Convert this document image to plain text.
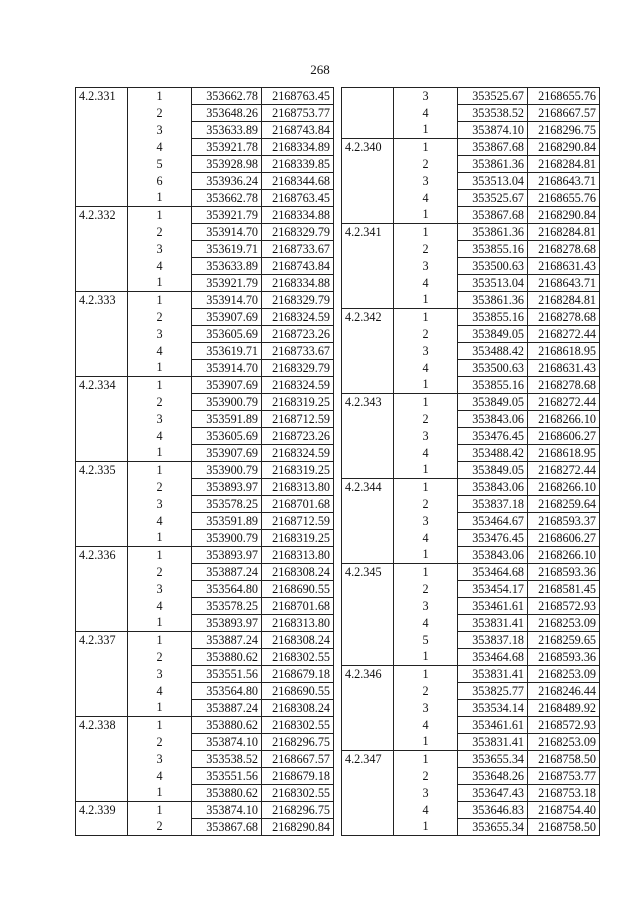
268
4.2.331	1	353662.78	2168763.45
	2	353648.26	2168753.77
	3	353633.89	2168743.84
	4	353921.78	2168334.89
	5	353928.98	2168339.85
	6	353936.24	2168344.68
	1	353662.78	2168763.45
4.2.332	1	353921.79	2168334.88
	2	353914.70	2168329.79
	3	353619.71	2168733.67
	4	353633.89	2168743.84
	1	353921.79	2168334.88
4.2.333	1	353914.70	2168329.79
	2	353907.69	2168324.59
	3	353605.69	2168723.26
	4	353619.71	2168733.67
	1	353914.70	2168329.79
4.2.334	1	353907.69	2168324.59
	2	353900.79	2168319.25
	3	353591.89	2168712.59
	4	353605.69	2168723.26
	1	353907.69	2168324.59
4.2.335	1	353900.79	2168319.25
	2	353893.97	2168313.80
	3	353578.25	2168701.68
	4	353591.89	2168712.59
	1	353900.79	2168319.25
4.2.336	1	353893.97	2168313.80
	2	353887.24	2168308.24
	3	353564.80	2168690.55
	4	353578.25	2168701.68
	1	353893.97	2168313.80
4.2.337	1	353887.24	2168308.24
	2	353880.62	2168302.55
	3	353551.56	2168679.18
	4	353564.80	2168690.55
	1	353887.24	2168308.24
4.2.338	1	353880.62	2168302.55
	2	353874.10	2168296.75
	3	353538.52	2168667.57
	4	353551.56	2168679.18
	1	353880.62	2168302.55
4.2.339	1	353874.10	2168296.75
	2	353867.68	2168290.84
	3	353525.67	2168655.76
	4	353538.52	2168667.57
	1	353874.10	2168296.75
4.2.340	1	353867.68	2168290.84
	2	353861.36	2168284.81
	3	353513.04	2168643.71
	4	353525.67	2168655.76
	1	353867.68	2168290.84
4.2.341	1	353861.36	2168284.81
	2	353855.16	2168278.68
	3	353500.63	2168631.43
	4	353513.04	2168643.71
	1	353861.36	2168284.81
4.2.342	1	353855.16	2168278.68
	2	353849.05	2168272.44
	3	353488.42	2168618.95
	4	353500.63	2168631.43
	1	353855.16	2168278.68
4.2.343	1	353849.05	2168272.44
	2	353843.06	2168266.10
	3	353476.45	2168606.27
	4	353488.42	2168618.95
	1	353849.05	2168272.44
4.2.344	1	353843.06	2168266.10
	2	353837.18	2168259.64
	3	353464.67	2168593.37
	4	353476.45	2168606.27
	1	353843.06	2168266.10
4.2.345	1	353464.68	2168593.36
	2	353454.17	2168581.45
	3	353461.61	2168572.93
	4	353831.41	2168253.09
	5	353837.18	2168259.65
	1	353464.68	2168593.36
4.2.346	1	353831.41	2168253.09
	2	353825.77	2168246.44
	3	353534.14	2168489.92
	4	353461.61	2168572.93
	1	353831.41	2168253.09
4.2.347	1	353655.34	2168758.50
	2	353648.26	2168753.77
	3	353647.43	2168753.18
	4	353646.83	2168754.40
	1	353655.34	2168758.50
